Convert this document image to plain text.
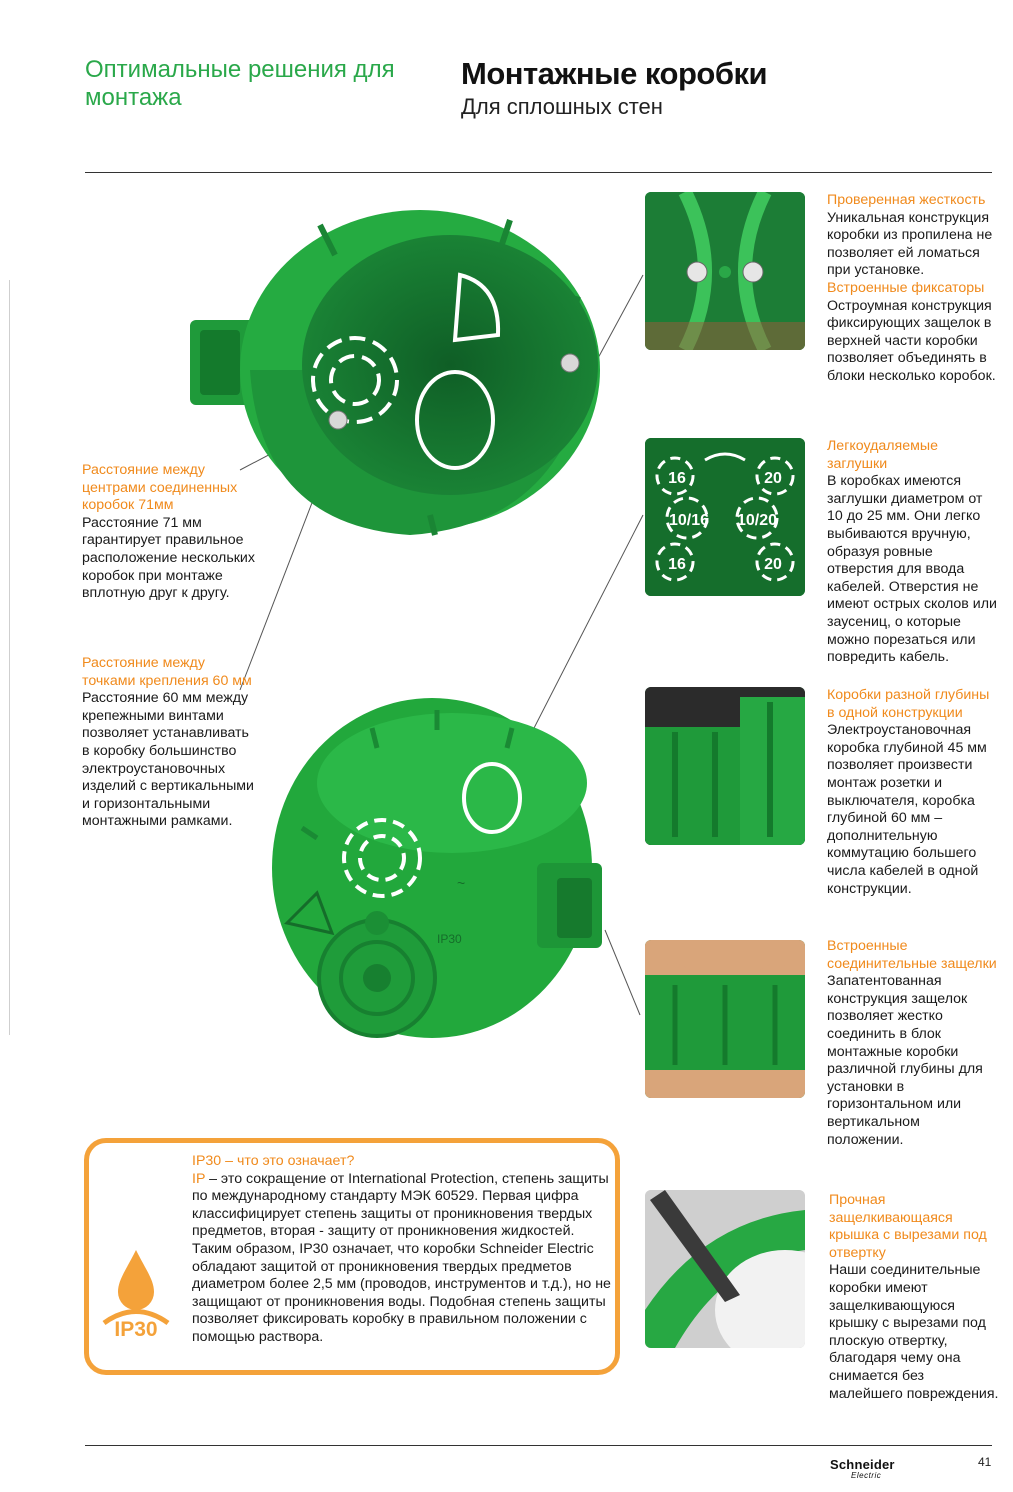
Оптимальные решения для монтажа
Монтажные коробки
Для сплошных стен
IP30
~

Расстояние между центрами соединенных коробок 71мм

Расстояние 71 мм гарантирует правильное расположение нескольких коробок при монтаже вплотную друг к другу.

Расстояние между точками крепления 60 мм

Расстояние 60 мм между крепежными винтами позволяет устанавливать в коробку большинство электроустановочных изделий с вертикальными и горизонтальными монтажными рамками.

16	20
10/16 10/20
16	20

Проверенная жесткость

Уникальная конструкция коробки из пропилена не позволяет ей ломаться при установке.

Встроенные фиксаторы

Остроумная конструкция фиксирующих защелок в верхней части коробки позволяет объединять в блоки несколько коробок.

Легкоудаляемые заглушки

В коробках имеются заглушки диаметром от 10 до 25 мм. Они легко выбиваются вручную, образуя ровные отверстия для ввода кабелей. Отверстия не имеют острых сколов или заусениц, о которые можно порезаться или повредить кабель.

Коробки разной глубины в одной конструкции

Электроустановочная коробка глубиной 45 мм позволяет произвести монтаж розетки и выключателя, коробка глубиной 60 мм – дополнительную коммутацию большего числа кабелей в одной конструкции.

Встроенные соединительные защелки

Запатентованная конструкция защелок позволяет жестко соединить в блок монтажные коробки различной глубины для установки в горизонтальном или вертикальном положении.

Прочная защелкивающаяся крышка с вырезами под отвертку

Наши соединительные коробки имеют защелкивающуюся крышку с вырезами под плоскую отвертку, благодаря чему она снимается без малейшего повреждения.

IP30
IP30 – что это означает?
IP – это сокращение от International Protection, степень защиты по международному стандарту МЭК 60529. Первая цифра классифицирует степень защиты от проникновения твердых предметов, вторая - защиту от проникновения жидкостей. Таким образом, IP30 означает, что коробки Schneider Electric обладают защитой от проникновения твердых предметов диаметром более 2,5 мм (проводов, инструментов и т.д.), но не защищают от проникновения воды. Подобная степень защиты позволяет фиксировать коробку в правильном положении с помощью раствора.
Schneider
Electric
41
